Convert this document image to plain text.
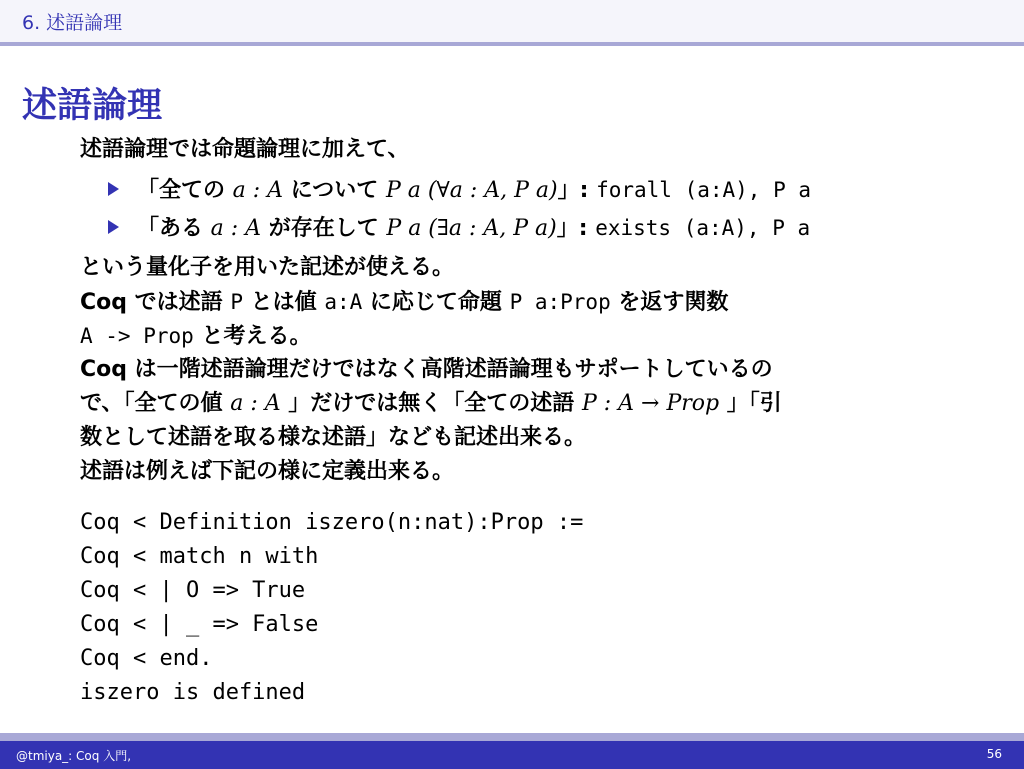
6. 述語論理
述語論理
述語論理では命題論理に加えて、
「全ての a : A について P a (∀a : A, P a)」: forall (a:A), P a
「ある a : A が存在して P a (∃a : A, P a)」: exists (a:A), P a
という量化子を用いた記述が使える。
Coq では述語 P とは値 a:A に応じて命題 P a:Prop を返す関数
A -> Prop と考える。
Coq は一階述語論理だけではなく高階述語論理もサポートしているの
で、「全ての値 a : A 」だけでは無く「全ての述語 P : A → Prop 」「引
数として述語を取る様な述語」なども記述出来る。
述語は例えば下記の様に定義出来る。
Coq < Definition iszero(n:nat):Prop :=
Coq < match n with
Coq < | O => True
Coq < | _ => False
Coq < end.
iszero is defined
@tmiya_: Coq 入門,	56
